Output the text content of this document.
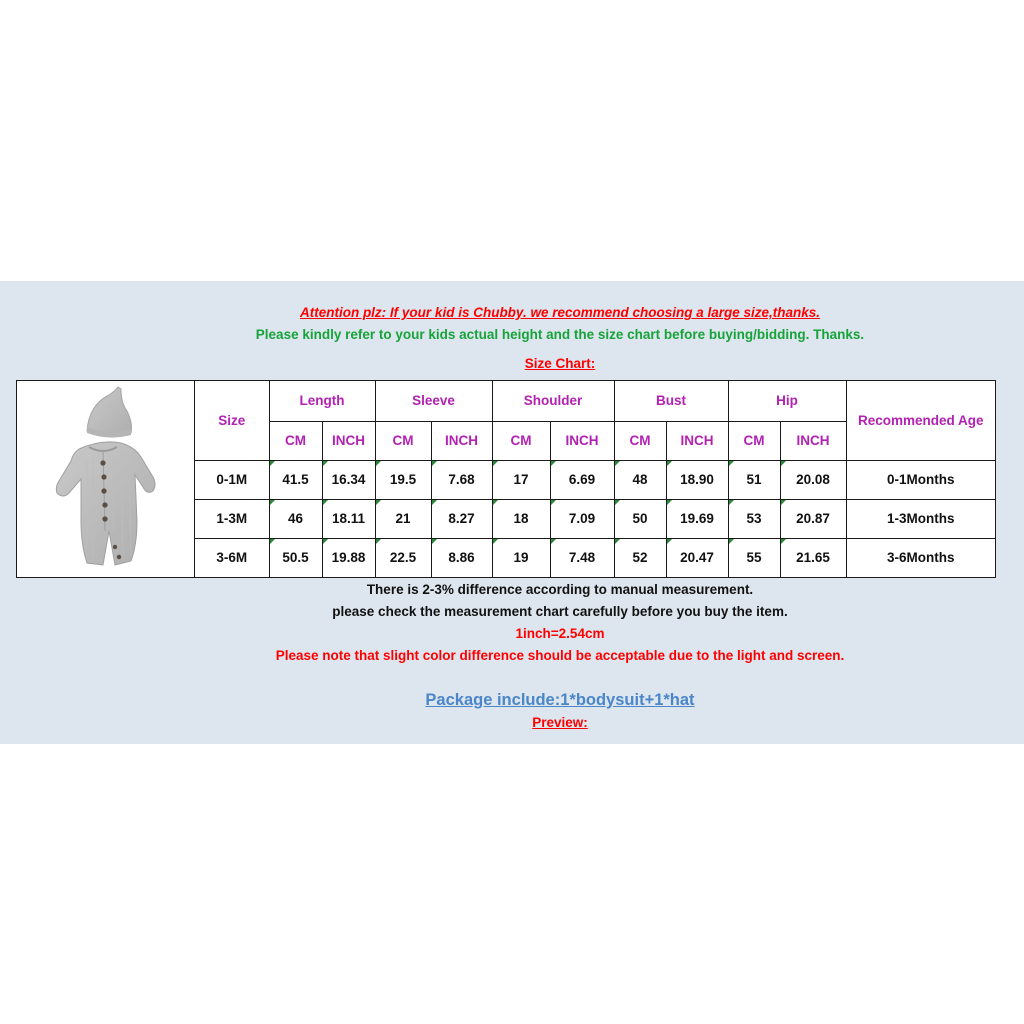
Attention plz: If your kid is Chubby. we recommend choosing a large size,thanks.
Please kindly refer to your kids actual height and the size chart before buying/bidding. Thanks.
Size Chart:
Size	Length		Sleeve		Shoulder		Bust		Hip		Recommended Age
	CM	INCH	CM	INCH	CM	INCH	CM	INCH	CM	INCH	
0-1M	41.5	16.34	19.5	7.68	17	6.69	48	18.90	51	20.08	0-1Months
1-3M	46	18.11	21	8.27	18	7.09	50	19.69	53	20.87	1-3Months
3-6M	50.5	19.88	22.5	8.86	19	7.48	52	20.47	55	21.65	3-6Months
There is 2-3% difference according to manual measurement.
please check the measurement chart carefully before you buy the item.
1inch=2.54cm
Please note that slight color difference should be acceptable due to the light and screen.
Package include:1*bodysuit+1*hat
Preview:
